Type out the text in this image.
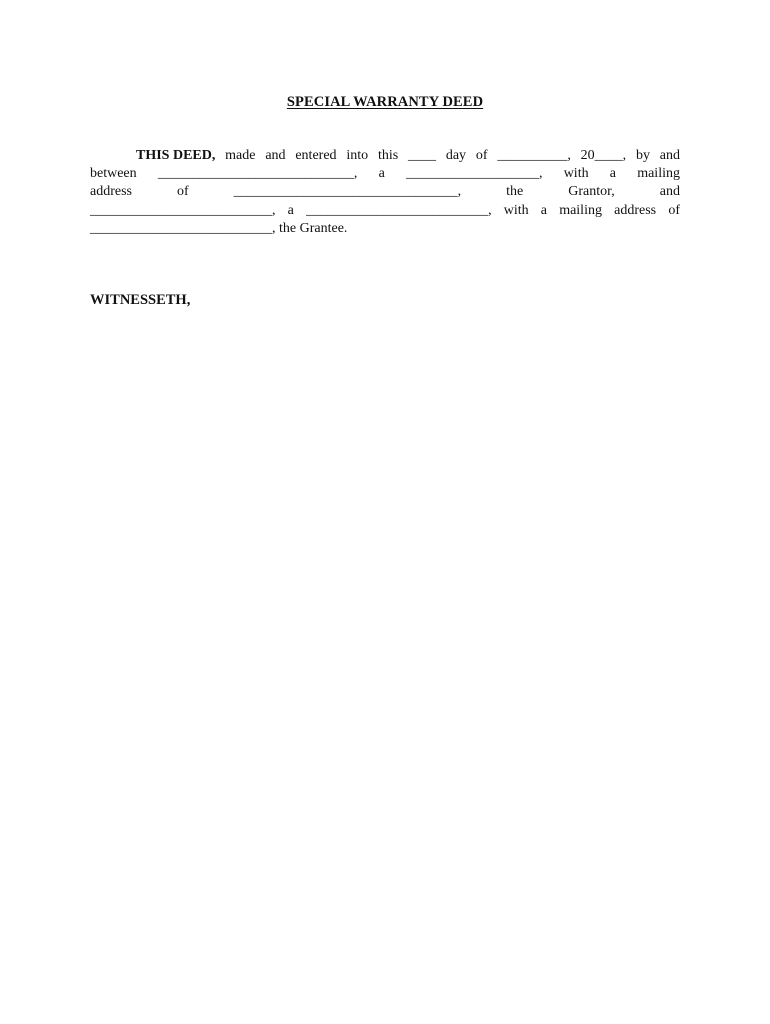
SPECIAL WARRANTY DEED
THIS DEED, made and entered into this ____ day of __________, 20____, by and
between ____________________________, a ___________________, with a mailing
address	of	________________________________,	the	Grantor,	and
__________________________, a __________________________, with a mailing address of
__________________________, the Grantee.
WITNESSETH,
